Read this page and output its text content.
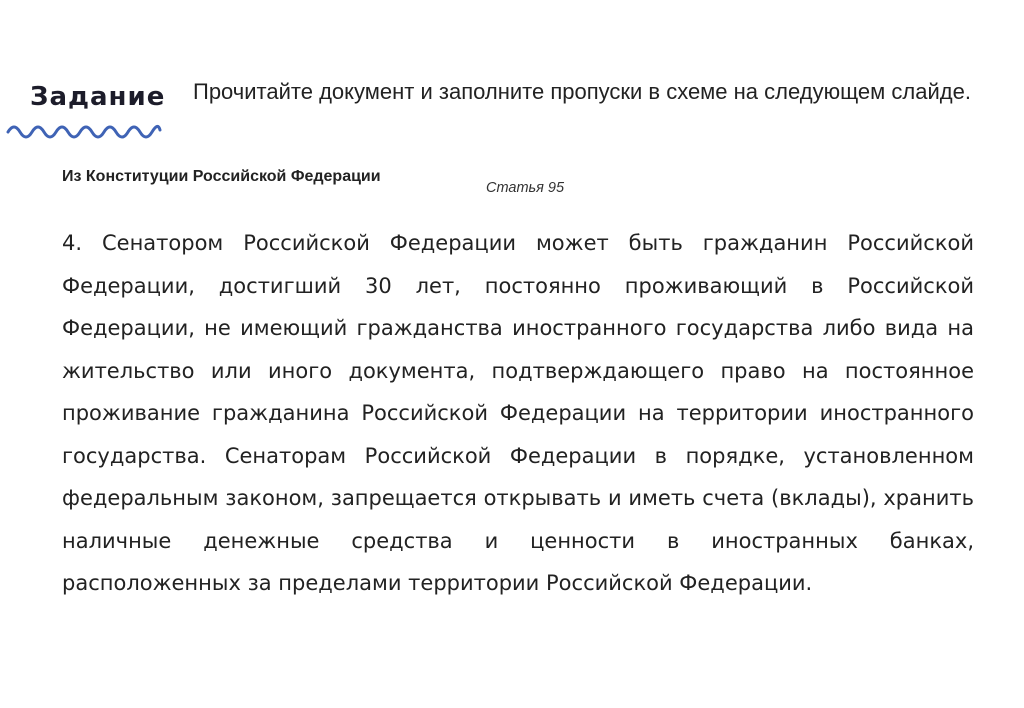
Задание Прочитайте документ и заполните пропуски в схеме на следующем слайде.
Из Конституции Российской Федерации
Статья 95

4. Сенатором Российской Федерации может быть гражданин Российской Федерации, достигший 30 лет, постоянно проживающий в Российской Федерации, не имеющий гражданства иностранного государства либо вида на жительство или иного документа, подтверждающего право на постоянное проживание гражданина Российской Федерации на территории иностранного государства. Сенаторам Российской Федерации в порядке, установленном федеральным законом, запрещается открывать и иметь счета (вклады), хранить наличные денежные средства и ценности в иностранных банках, расположенных за пределами территории Российской Федерации.
